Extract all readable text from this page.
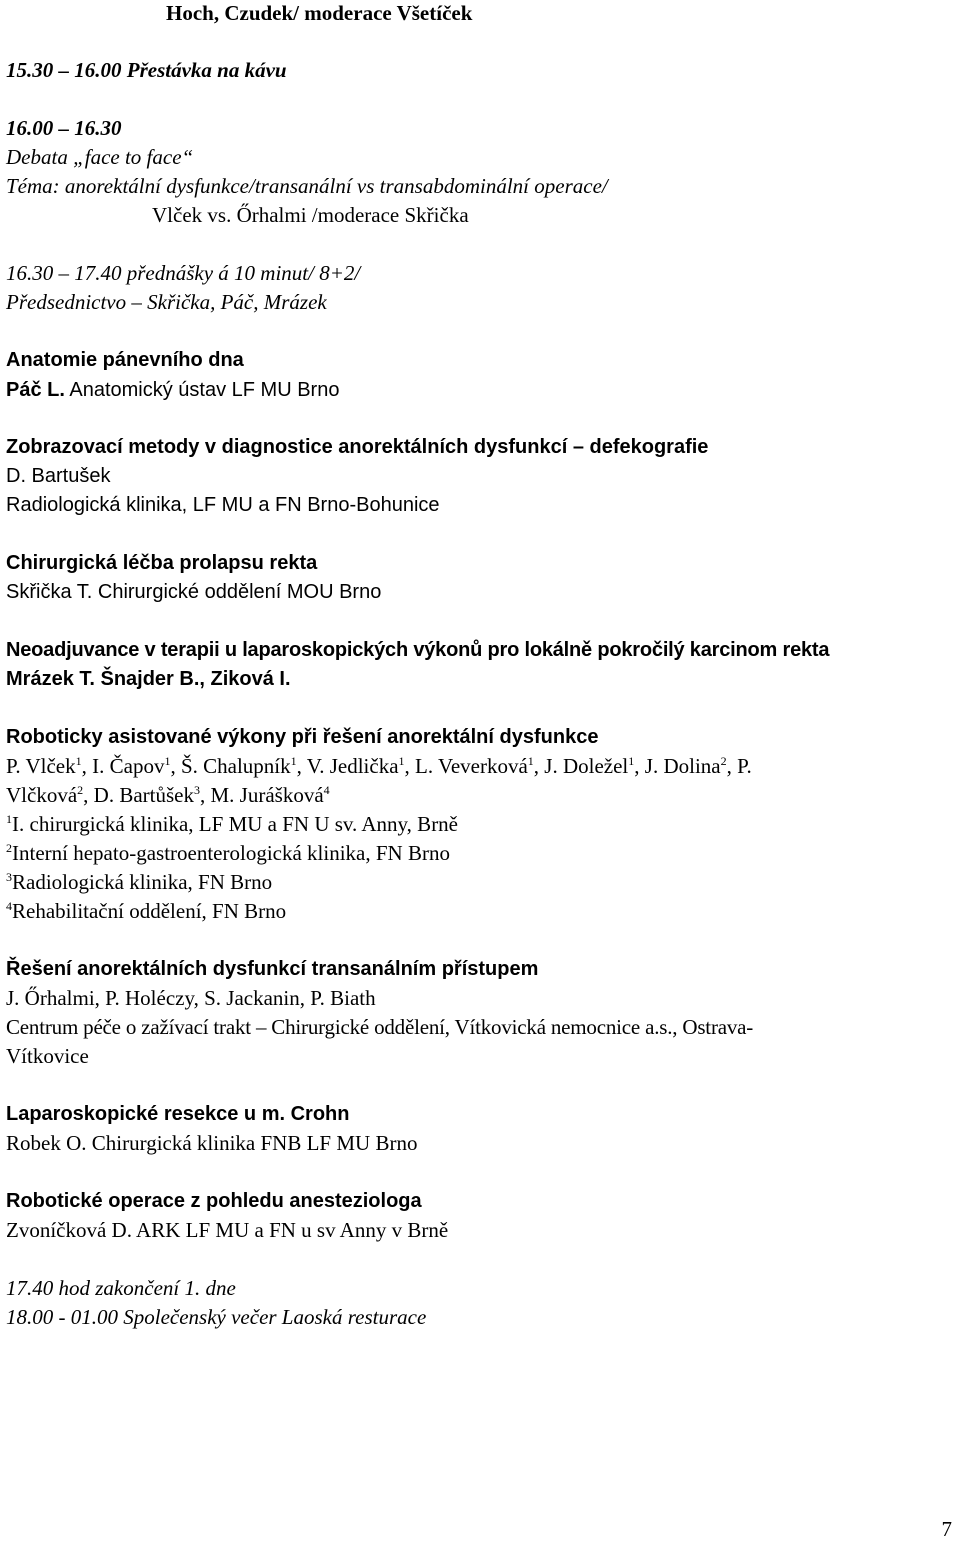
Hoch, Czudek/ moderace Všetíček
15.30 – 16.00 Přestávka na kávu
16.00 – 16.30
Debata „face to face“
Téma: anorektální dysfunkce/transanální vs transabdominální operace/
Vlček vs. Őrhalmi /moderace Skřička
16.30 – 17.40 přednášky á 10 minut/ 8+2/
Předsednictvo – Skřička, Páč, Mrázek
Anatomie pánevního dna
Páč L. Anatomický ústav LF MU Brno
Zobrazovací metody v diagnostice anorektálních dysfunkcí – defekografie
D. Bartušek
Radiologická klinika, LF MU a FN Brno-Bohunice
Chirurgická léčba prolapsu rekta
Skřička T. Chirurgické oddělení MOU Brno
Neoadjuvance v terapii u laparoskopických výkonů pro lokálně pokročilý karcinom rekta
Mrázek T. Šnajder B., Ziková I.
Roboticky asistované výkony při řešení anorektální dysfunkce
P. Vlček$^1$, I. Čapov$^1$, Š. Chalupník$^1$, V. Jedlička$^1$, L. Veverková$^1$, J. Doležel$^1$, J. Dolina$^2$, P.
Vlčková$^2$, D. Bartůšek$^3$, M. Jurášková$^4$
$^1$I. chirurgická klinika, LF MU a FN U sv. Anny, Brně
$^2$Interní hepato-gastroenterologická klinika, FN Brno
$^3$Radiologická klinika, FN Brno
$^4$Rehabilitační oddělení, FN Brno
Řešení anorektálních dysfunkcí transanálním přístupem
J. Őrhalmi, P. Holéczy, S. Jackanin, P. Biath
Centrum péče o zažívací trakt – Chirurgické oddělení, Vítkovická nemocnice a.s., Ostrava-
Vítkovice
Laparoskopické resekce u m. Crohn
Robek O. Chirurgická klinika FNB LF MU Brno
Robotické operace z pohledu anesteziologa
Zvoníčková D. ARK LF MU a FN u sv Anny v Brně
17.40 hod zakončení 1. dne
18.00 - 01.00 Společenský večer Laoská resturace
7
